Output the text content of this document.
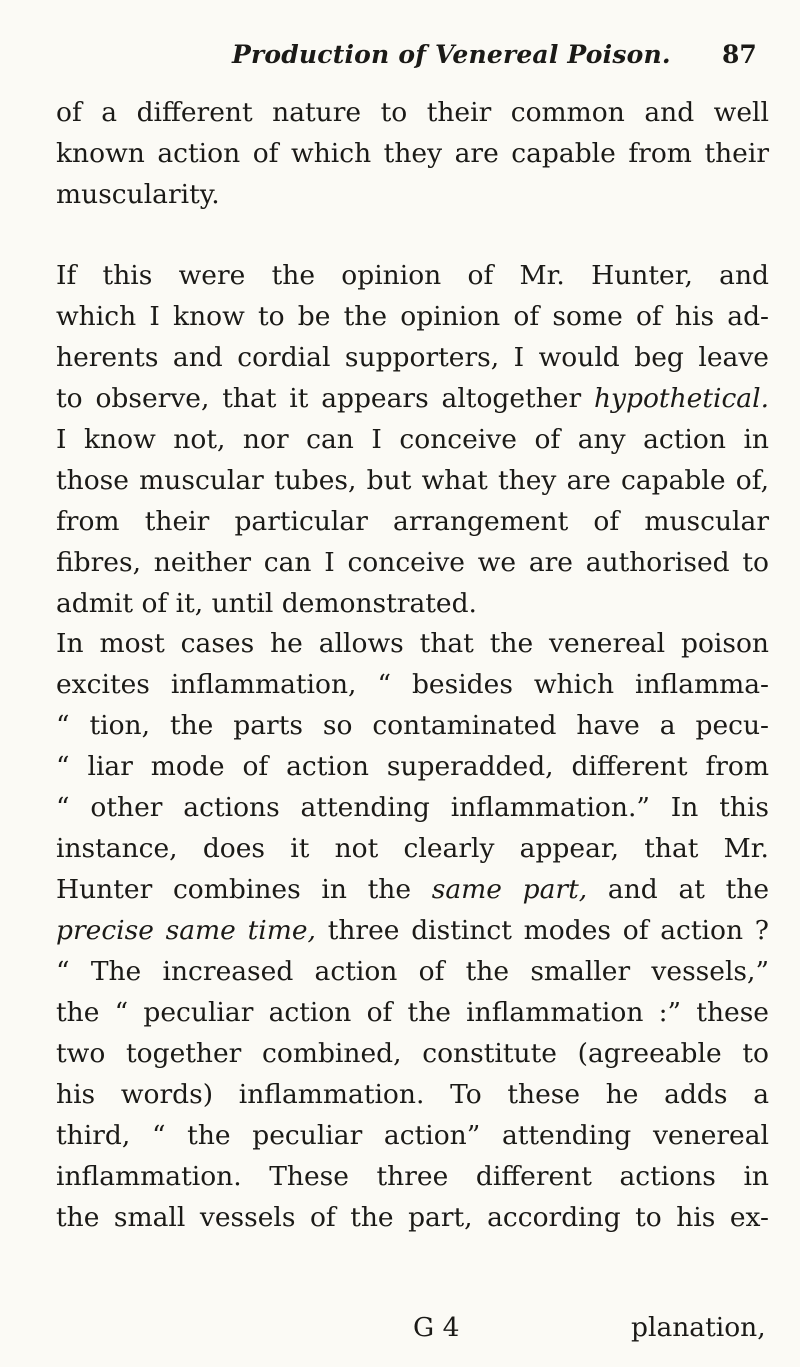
Production of Venereal Poison. 87
of a different nature to their common and well
known action of which they are capable from their
muscularity.
If this were the opinion of Mr. Hunter, and
which I know to be the opinion of some of his ad-
herents and cordial supporters, I would beg leave
to observe, that it appears altogether hypothetical.
I know not, nor can I conceive of any action in
those muscular tubes, but what they are capable of,
from their particular arrangement of muscular
fibres, neither can I conceive we are authorised to
admit of it, until demonstrated.
In most cases he allows that the venereal poison
excites inflammation, “ besides which inflamma-
“ tion, the parts so contaminated have a pecu-
“ liar mode of action superadded, different from
“ other actions attending inflammation.” In this
instance, does it not clearly appear, that Mr.
Hunter combines in the same part, and at the
precise same time, three distinct modes of action ?
“ The increased action of the smaller vessels,”
the “ peculiar action of the inflammation :” these
two together combined, constitute (agreeable to
his words) inflammation. To these he adds a
third, “ the peculiar action” attending venereal
inflammation. These three different actions in
the small vessels of the part, according to his ex-
G 4	planation,
